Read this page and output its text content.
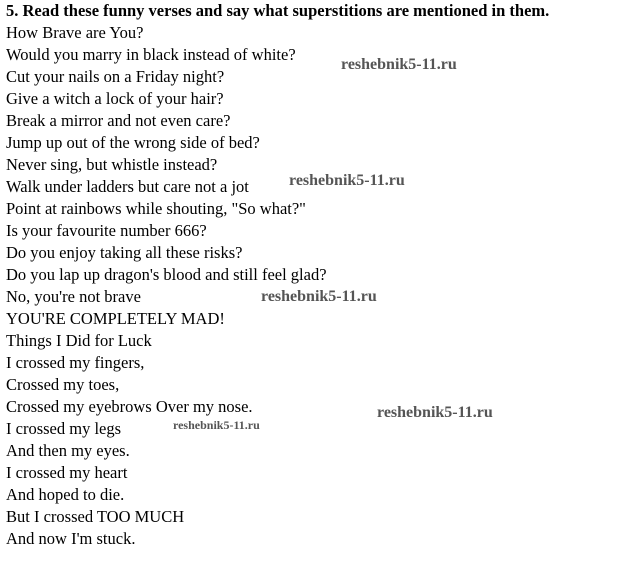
5. Read these funny verses and say what superstitions are mentioned in them.
How Brave are You?
Would you marry in black instead of white?
Cut your nails on a Friday night?
Give a witch a lock of your hair?
Break a mirror and not even care?
Jump up out of the wrong side of bed?
Never sing, but whistle instead?
Walk under ladders but care not a jot
Point at rainbows while shouting, "So what?"
Is your favourite number 666?
Do you enjoy taking all these risks?
Do you lap up dragon's blood and still feel glad?
No, you're not brave
YOU'RE COMPLETELY MAD!
Things I Did for Luck
I crossed my fingers,
Crossed my toes,
Crossed my eyebrows Over my nose.
I crossed my legs
And then my eyes.
I crossed my heart
And hoped to die.
But I crossed TOO MUCH
And now I'm stuck.
reshebnik5-11.ru
reshebnik5-11.ru
reshebnik5-11.ru
reshebnik5-11.ru
reshebnik5-11.ru
